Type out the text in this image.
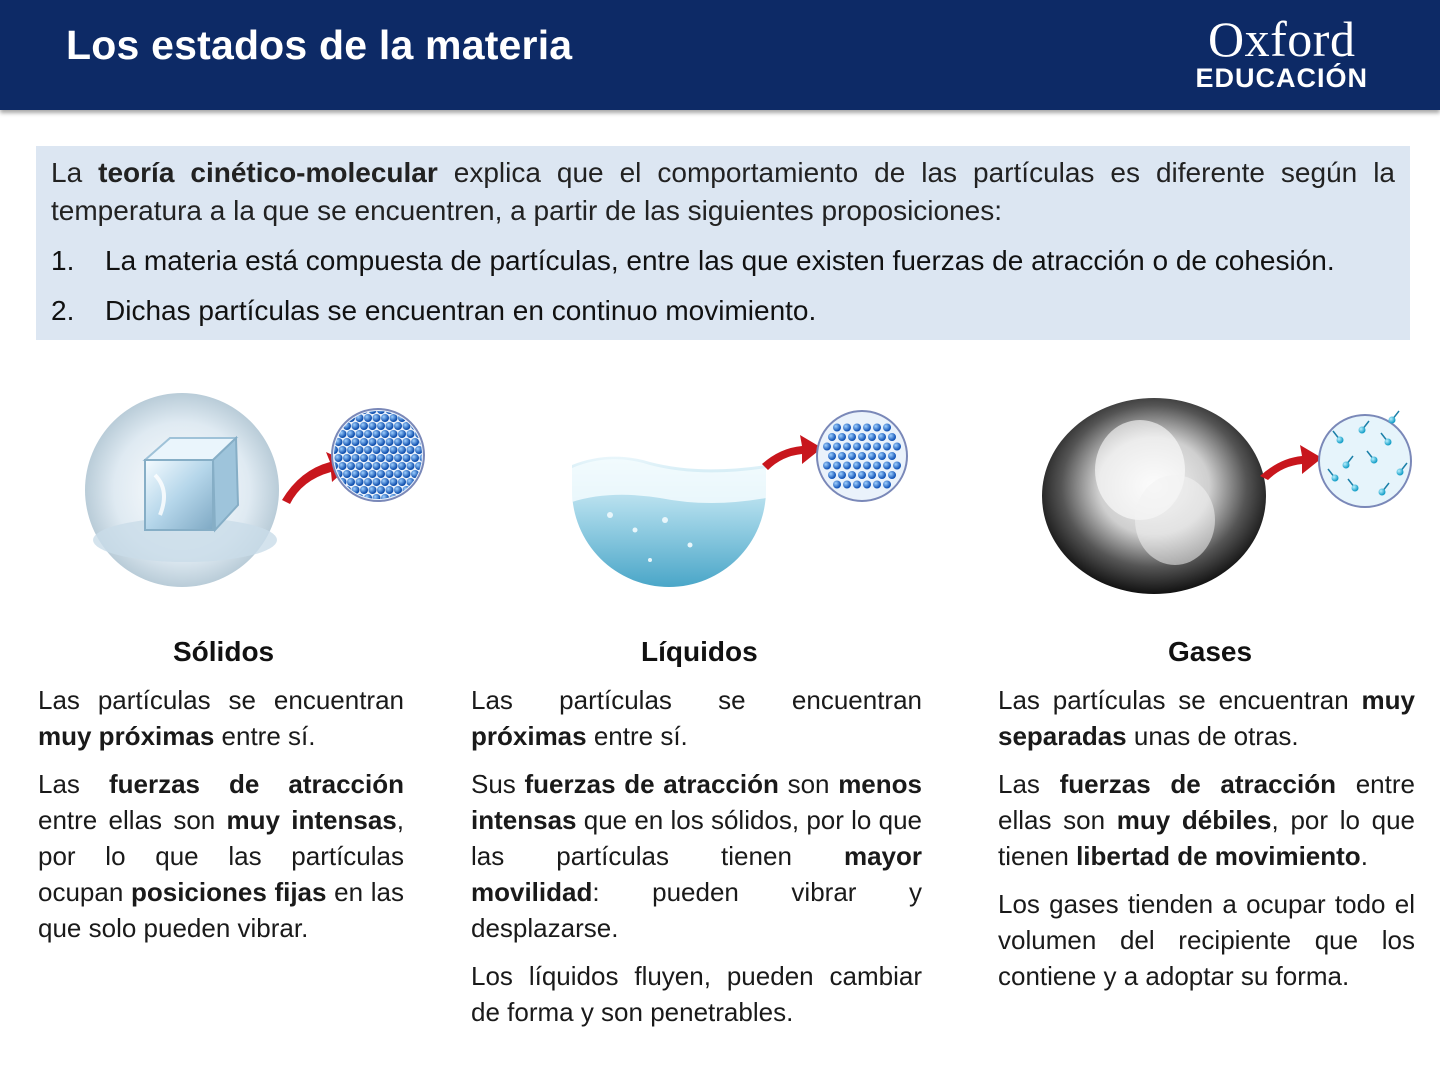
Los estados de la materia	Oxford
EDUCACIÓN

La teoría cinético-molecular explica que el comportamiento de las partículas es diferente según la temperatura a la que se encuentren, a partir de las siguientes proposiciones:

1.	La materia está compuesta de partículas, entre las que existen fuerzas de atracción o de cohesión.
2.	Dichas partículas se encuentran en continuo movimiento.
Sólidos

Las partículas se encuentran muy próximas entre sí.

Las fuerzas de atracción entre ellas son muy intensas, por lo que las partículas ocupan posiciones fijas en las que solo pueden vibrar.

Líquidos

Las partículas se encuentran próximas entre sí.

Sus fuerzas de atracción son menos intensas que en los sólidos, por lo que las partículas tienen mayor movilidad: pueden vibrar y desplazarse.

Los líquidos fluyen, pueden cambiar de forma y son penetrables.

Gases

Las partículas se encuentran muy separadas unas de otras.

Las fuerzas de atracción entre ellas son muy débiles, por lo que tienen libertad de movimiento.

Los gases tienden a ocupar todo el volumen del recipiente que los contiene y a adoptar su forma.
